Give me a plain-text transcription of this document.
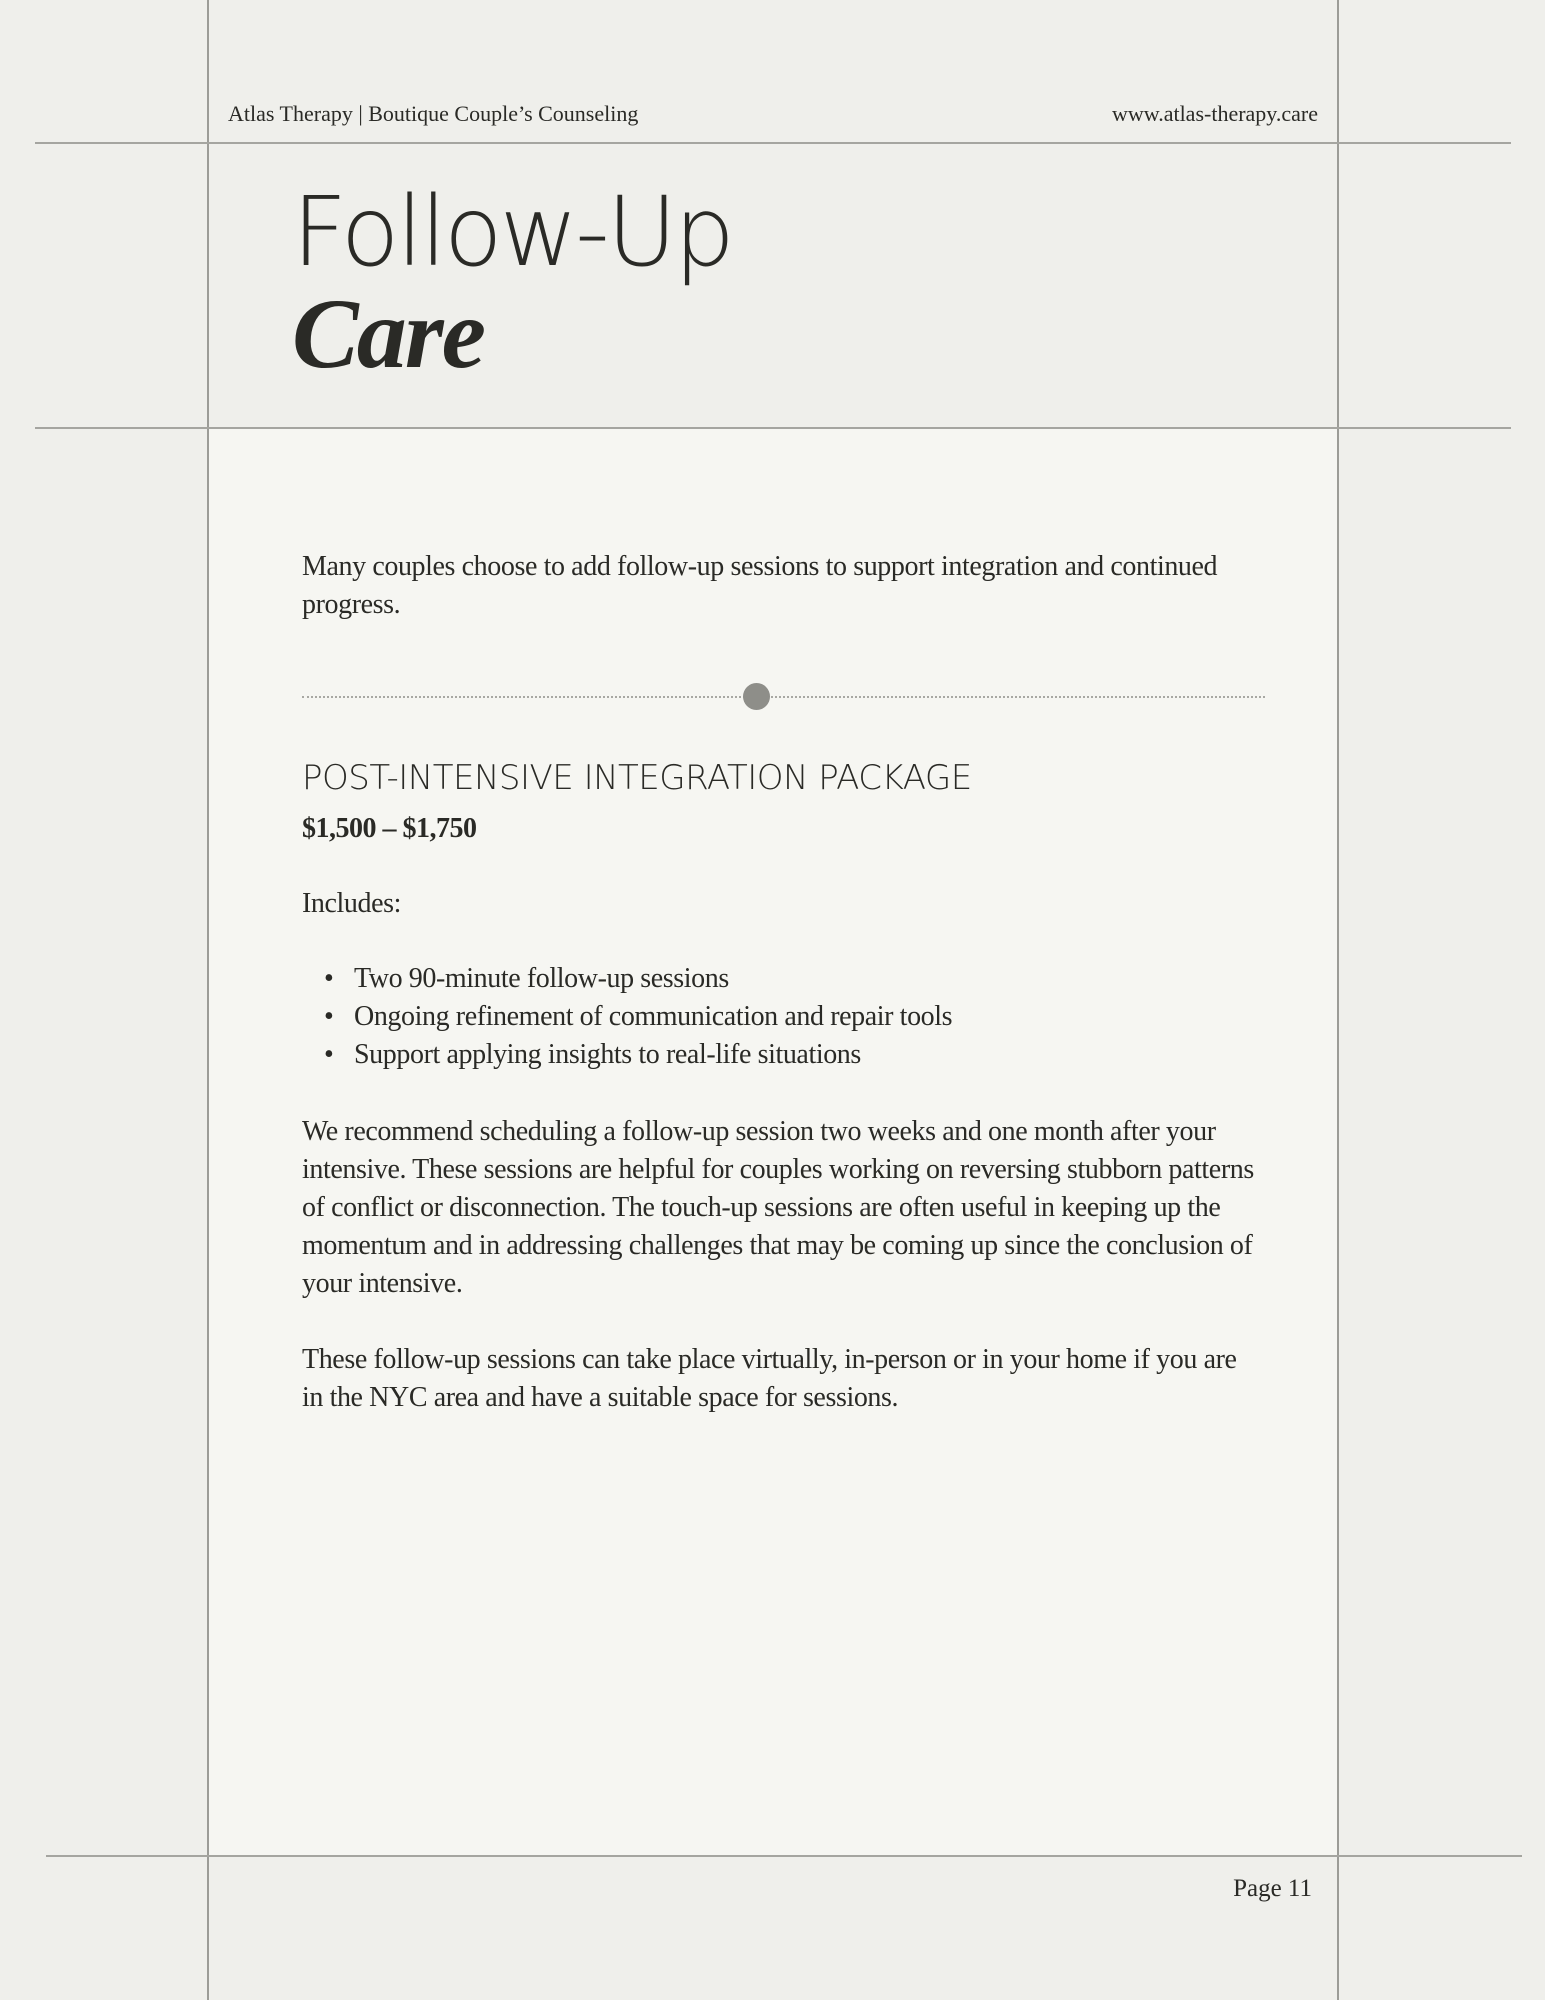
Atlas Therapy | Boutique Couple’s Counseling	www.atlas-therapy.care
Follow-Up
Care

Many couples choose to add follow-up sessions to support integration and continued progress.

POST-INTENSIVE INTEGRATION PACKAGE
$1,500 – $1,750

Includes:

• Two 90-minute follow-up sessions
• Ongoing refinement of communication and repair tools
• Support applying insights to real-life situations

We recommend scheduling a follow-up session two weeks and one month after your intensive. These sessions are helpful for couples working on reversing stubborn patterns of conflict or disconnection. The touch-up sessions are often useful in keeping up the momentum and in addressing challenges that may be coming up since the conclusion of your intensive.

These follow-up sessions can take place virtually, in-person or in your home if you are in the NYC area and have a suitable space for sessions.

Page 11
